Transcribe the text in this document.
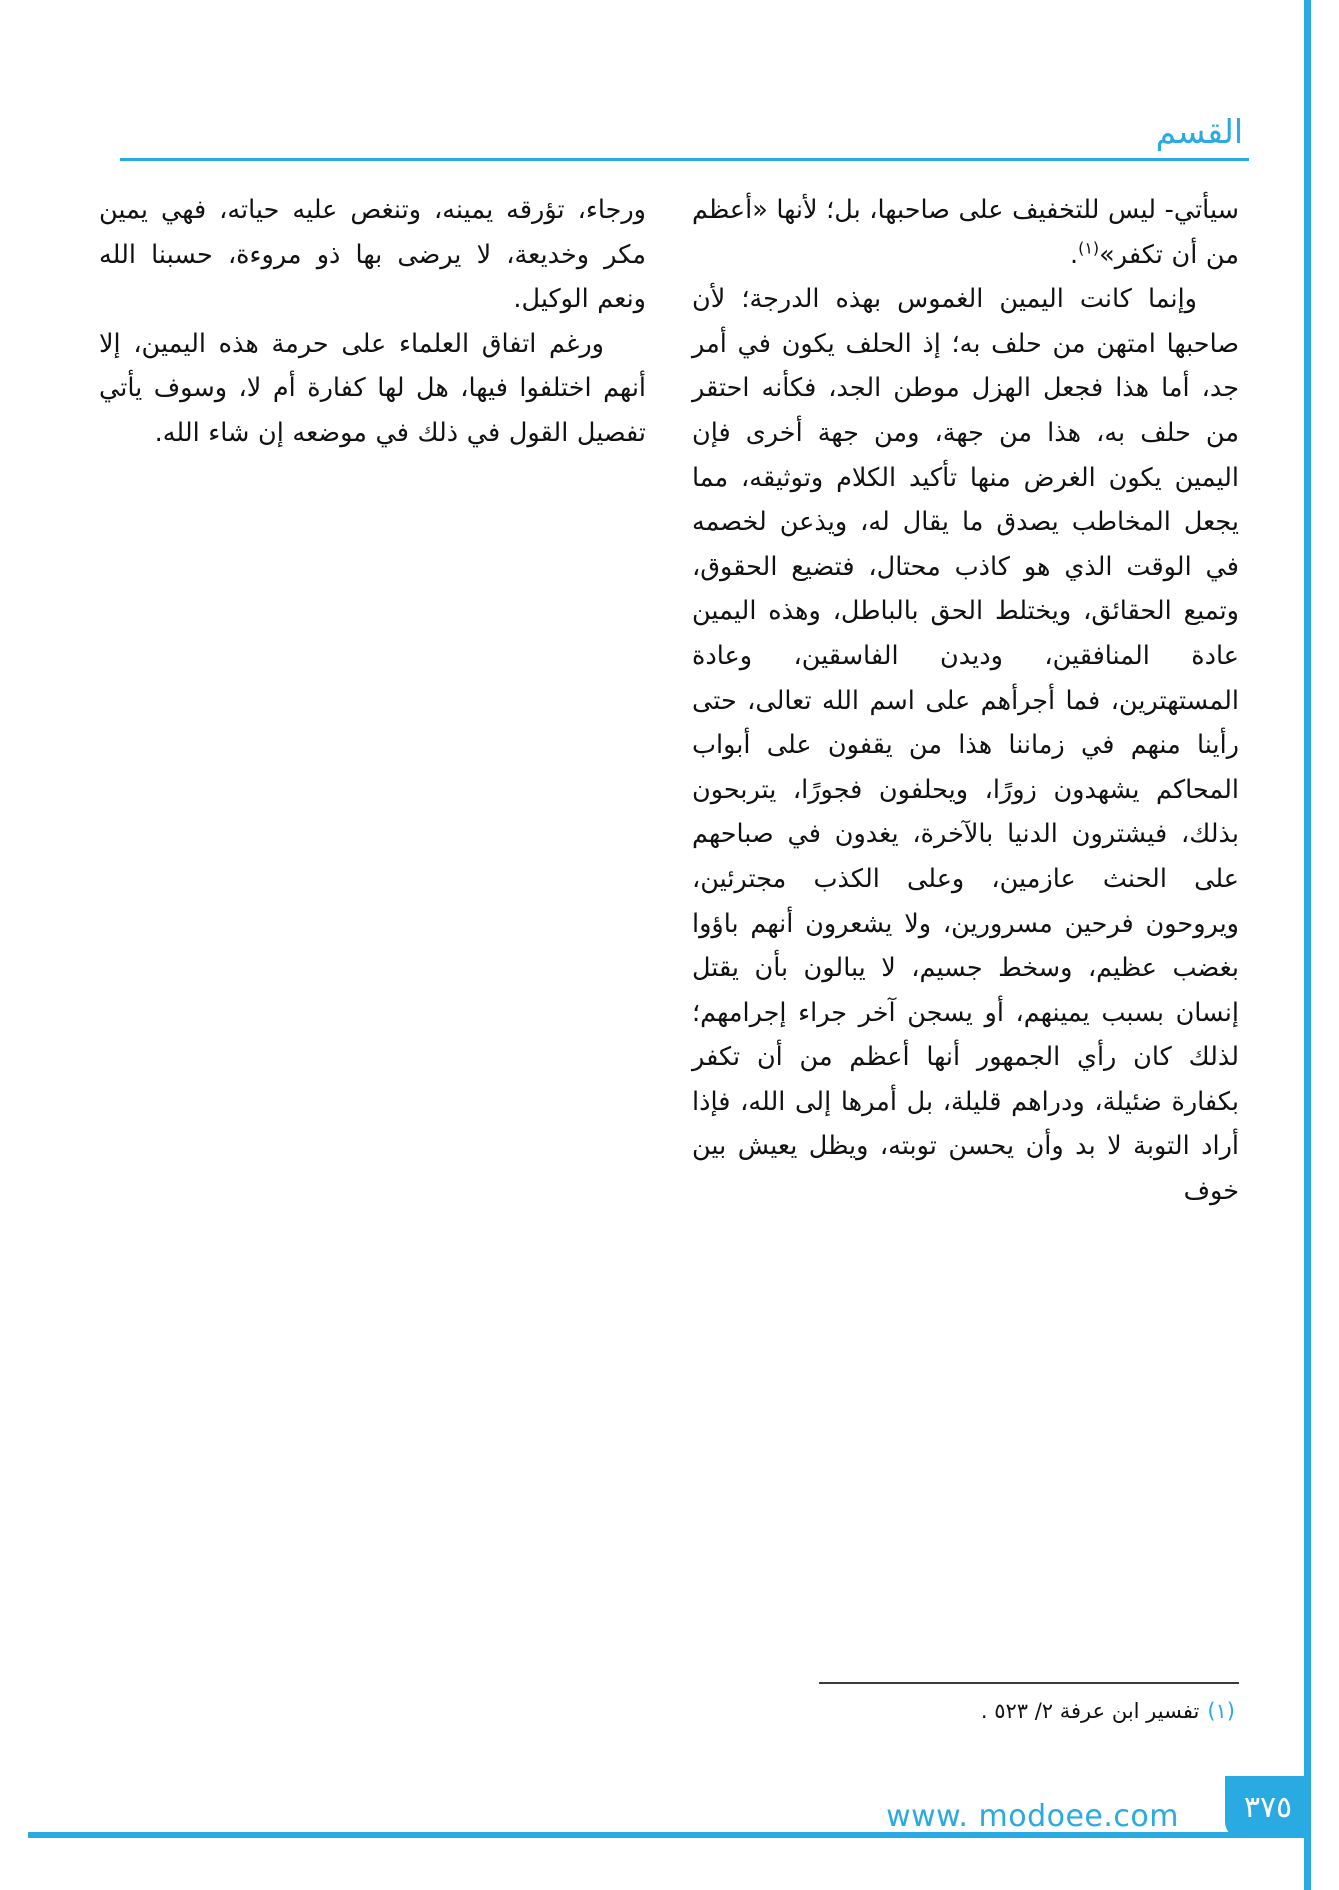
القسم

سيأتي- ليس للتخفيف على صاحبها، بل؛ لأنها «أعظم من أن تكفر»$^{(١)}$.

وإنما كانت اليمين الغموس بهذه الدرجة؛ لأن صاحبها امتهن من حلف به؛ إذ الحلف يكون في أمر جد، أما هذا فجعل الهزل موطن الجد، فكأنه احتقر من حلف به، هذا من جهة، ومن جهة أخرى فإن اليمين يكون الغرض منها تأكيد الكلام وتوثيقه، مما يجعل المخاطب يصدق ما يقال له، ويذعن لخصمه في الوقت الذي هو كاذب محتال، فتضيع الحقوق، وتميع الحقائق، ويختلط الحق بالباطل، وهذه اليمين عادة المنافقين، وديدن الفاسقين، وعادة المستهترين، فما أجرأهم على اسم الله تعالى، حتى رأينا منهم في زماننا هذا من يقفون على أبواب المحاكم يشهدون زورًا، ويحلفون فجورًا، يتربحون بذلك، فيشترون الدنيا بالآخرة، يغدون في صباحهم على الحنث عازمين، وعلى الكذب مجترئين، ويروحون فرحين مسرورين، ولا يشعرون أنهم باؤوا بغضب عظيم، وسخط جسيم، لا يبالون بأن يقتل إنسان بسبب يمينهم، أو يسجن آخر جراء إجرامهم؛ لذلك كان رأي الجمهور أنها أعظم من أن تكفر بكفارة ضئيلة، ودراهم قليلة، بل أمرها إلى الله، فإذا أراد التوبة لا بد وأن يحسن توبته، ويظل يعيش بين خوف

ورجاء، تؤرقه يمينه، وتنغص عليه حياته، فهي يمين مكر وخديعة، لا يرضى بها ذو مروءة، حسبنا الله ونعم الوكيل.

ورغم اتفاق العلماء على حرمة هذه اليمين، إلا أنهم اختلفوا فيها، هل لها كفارة أم لا، وسوف يأتي تفصيل القول في ذلك في موضعه إن شاء الله.

(١)تفسير ابن عرفة ٢/ ٥٢٣ .
٣٧٥
www. modoee.com
